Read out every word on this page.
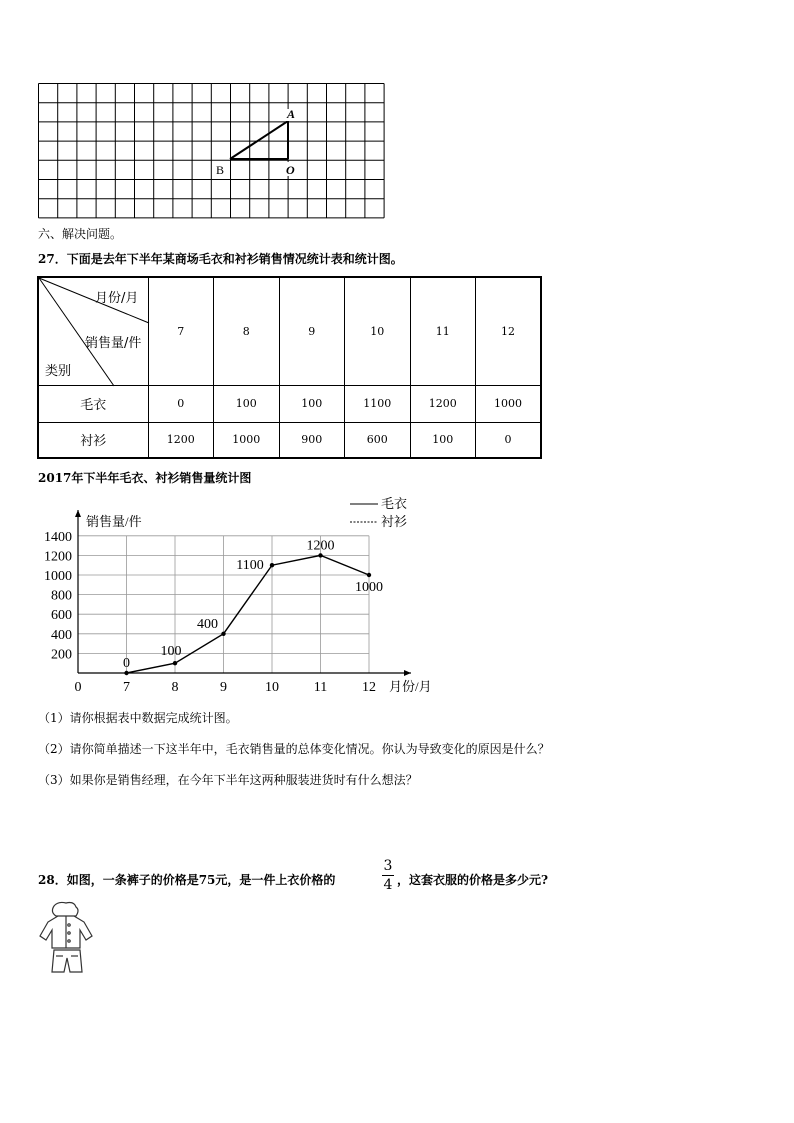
A
B	O
六、解决问题。
27．下面是去年下半年某商场毛衣和衬衫销售情况统计表和统计图。
月份/月
销售量/件
类别	7	8	9	10	11	12
毛衣	0	100	100	1100	1200	1000
衬衫	1200	1000	900	600	100	0
2017年下半年毛衣、衬衫销售量统计图
销售量/件
月份/月
200
400
600
800
1000
1200
1400
0	7	8	9	10 11 12
毛衣
衬衫
0
100
400
1100
1200
1000
（1）请你根据表中数据完成统计图。
（2）请你简单描述一下这半年中，毛衣销售量的总体变化情况。你认为导致变化的原因是什么？
（3）如果你是销售经理，在今年下半年这两种服装进货时有什么想法？
28．如图，一条裤子的价格是75元，是一件上衣价格的
3
4 ，这套衣服的价格是多少元?
